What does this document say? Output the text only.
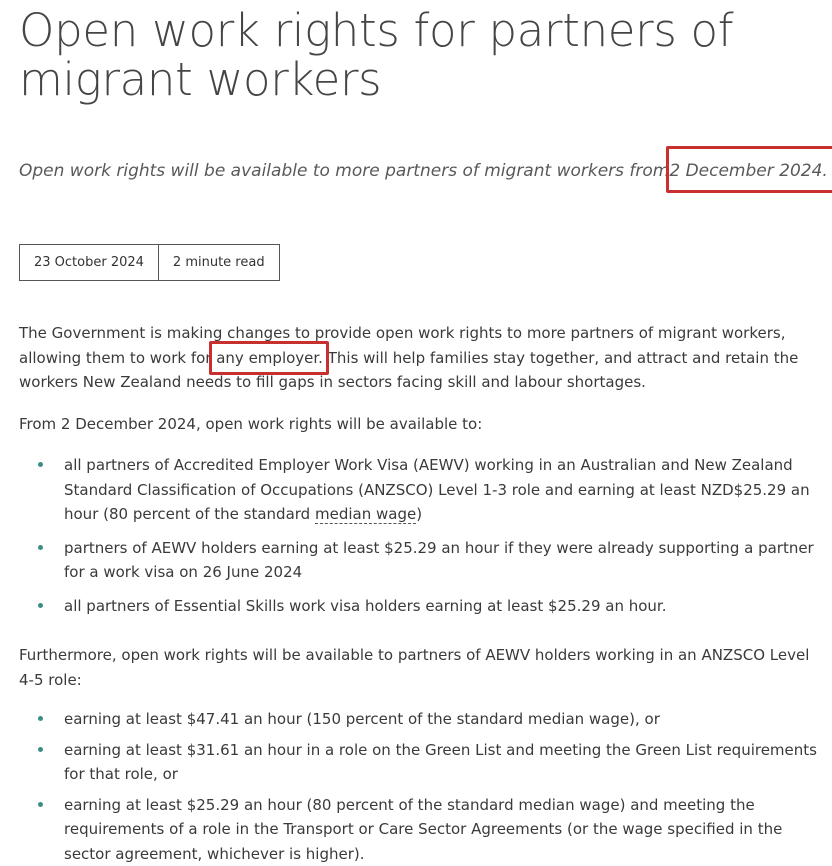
Open work rights for partners of migrant workers

Open work rights will be available to more partners of migrant workers from2 December 2024.

23 October 2024	2 minute read

The Government is making changes to provide open work rights to more partners of migrant workers, allowing them to work for any employer. This will help families stay together, and attract and retain the workers New Zealand needs to fill gaps in sectors facing skill and labour shortages.

From 2 December 2024, open work rights will be available to:

all partners of Accredited Employer Work Visa (AEWV) working in an Australian and New Zealand Standard Classification of Occupations (ANZSCO) Level 1-3 role and earning at least NZD$25.29 an hour (80 percent of the standard median wage)
partners of AEWV holders earning at least $25.29 an hour if they were already supporting a partner for a work visa on 26 June 2024
all partners of Essential Skills work visa holders earning at least $25.29 an hour.

Furthermore, open work rights will be available to partners of AEWV holders working in an ANZSCO Level 4-5 role:

earning at least $47.41 an hour (150 percent of the standard median wage), or
earning at least $31.61 an hour in a role on the Green List and meeting the Green List requirements for that role, or
earning at least $25.29 an hour (80 percent of the standard median wage) and meeting the requirements of a role in the Transport or Care Sector Agreements (or the wage specified in the sector agreement, whichever is higher).
